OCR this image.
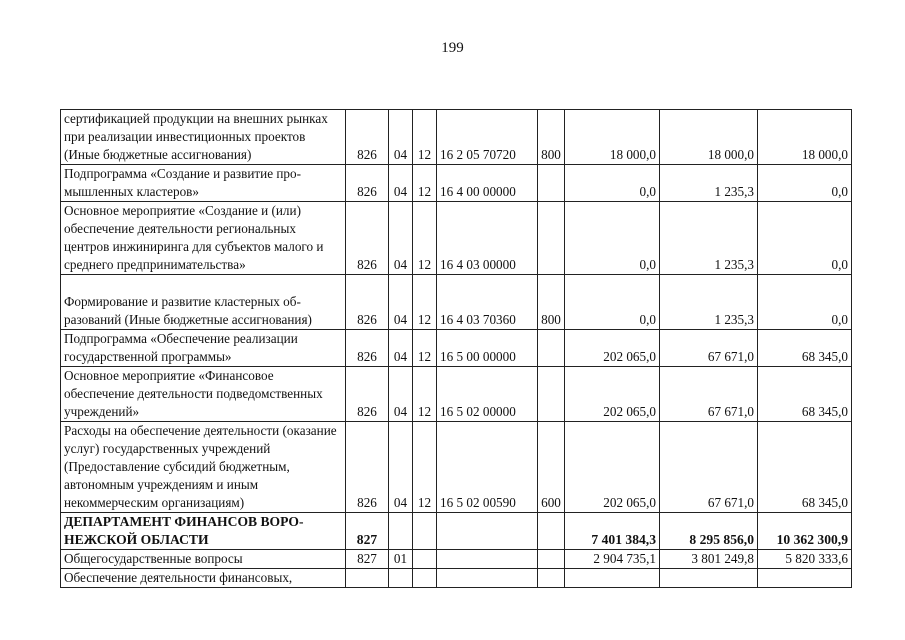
199
сертификацией продукции на внешних рынках при реализации инвестиционных проектов (Иные бюджетные ассигнования)	826	04	12	16 2 05 70720	800	18 000,0	18 000,0	18 000,0
Подпрограмма «Создание и развитие промышленных кластеров»	826	04	12	16 4 00 00000		0,0	1 235,3	0,0
Основное мероприятие «Создание и (или) обеспечение деятельности региональных центров инжиниринга для субъектов малого и среднего предпринимательства»	826	04	12	16 4 03 00000		0,0	1 235,3	0,0
Формирование и развитие кластерных образований (Иные бюджетные ассигнования)	826	04	12	16 4 03 70360	800	0,0	1 235,3	0,0
Подпрограмма «Обеспечение реализации государственной программы»	826	04	12	16 5 00 00000		202 065,0	67 671,0	68 345,0
Основное мероприятие «Финансовое обеспечение деятельности подведомственных учреждений»	826	04	12	16 5 02 00000		202 065,0	67 671,0	68 345,0
Расходы на обеспечение деятельности (оказание услуг) государственных учреждений (Предоставление субсидий бюджетным, автономным учреждениям и иным некоммерческим организациям)	826	04	12	16 5 02 00590	600	202 065,0	67 671,0	68 345,0
ДЕПАРТАМЕНТ ФИНАНСОВ ВОРОНЕЖСКОЙ ОБЛАСТИ	827					7 401 384,3	8 295 856,0	10 362 300,9
Общегосударственные вопросы	827	01				2 904 735,1	3 801 249,8	5 820 333,6
Обеспечение деятельности финансовых,								
